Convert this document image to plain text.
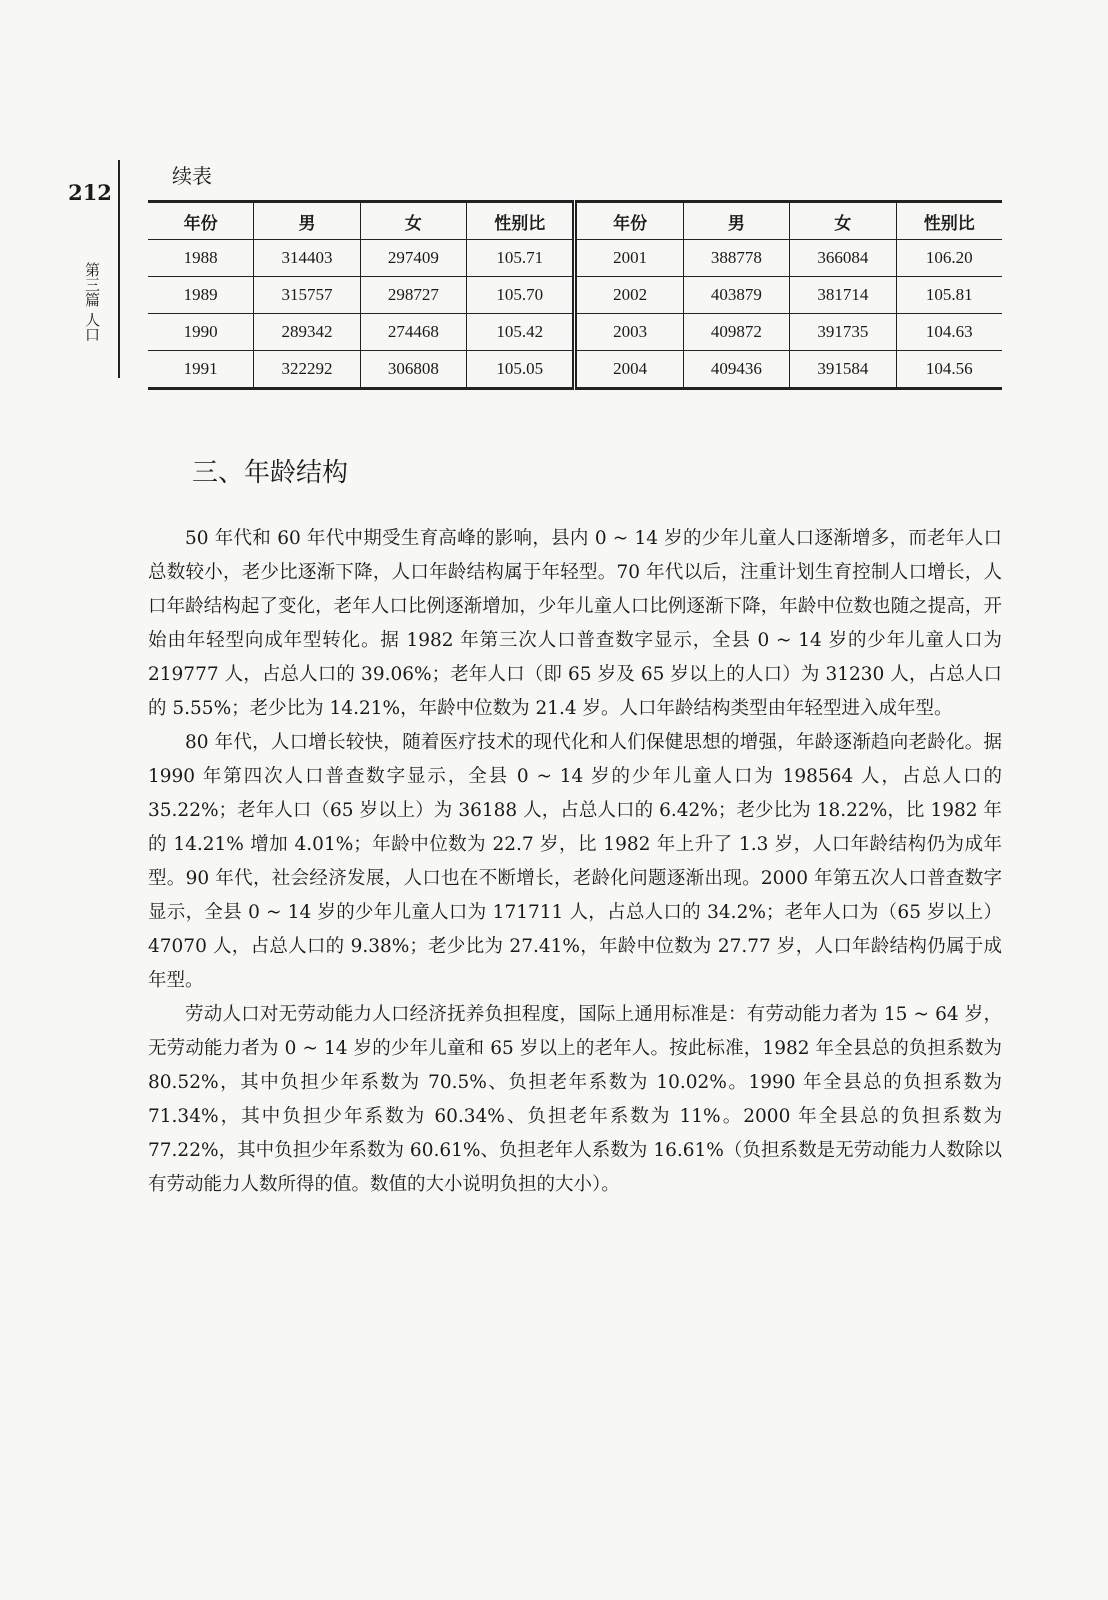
212
第三篇 人口
续表
年份	男	女	性别比	年份	男	女	性别比
1988	314403	297409	105.71	2001	388778	366084	106.20
1989	315757	298727	105.70	2002	403879	381714	105.81
1990	289342	274468	105.42	2003	409872	391735	104.63
1991	322292	306808	105.05	2004	409436	391584	104.56
三、年龄结构

50 年代和 60 年代中期受生育高峰的影响，县内 0 ~ 14 岁的少年儿童人口逐渐增多，而老年人口总数较小，老少比逐渐下降，人口年龄结构属于年轻型。70 年代以后，注重计划生育控制人口增长，人口年龄结构起了变化，老年人口比例逐渐增加，少年儿童人口比例逐渐下降，年龄中位数也随之提高，开始由年轻型向成年型转化。据 1982 年第三次人口普查数字显示，全县 0 ~ 14 岁的少年儿童人口为 219777 人，占总人口的 39.06%；老年人口（即 65 岁及 65 岁以上的人口）为 31230 人，占总人口的 5.55%；老少比为 14.21%，年龄中位数为 21.4 岁。人口年龄结构类型由年轻型进入成年型。

80 年代，人口增长较快，随着医疗技术的现代化和人们保健思想的增强，年龄逐渐趋向老龄化。据 1990 年第四次人口普查数字显示，全县 0 ~ 14 岁的少年儿童人口为 198564 人，占总人口的 35.22%；老年人口（65 岁以上）为 36188 人，占总人口的 6.42%；老少比为 18.22%，比 1982 年的 14.21% 增加 4.01%；年龄中位数为 22.7 岁，比 1982 年上升了 1.3 岁，人口年龄结构仍为成年型。90 年代，社会经济发展，人口也在不断增长，老龄化问题逐渐出现。2000 年第五次人口普查数字显示，全县 0 ~ 14 岁的少年儿童人口为 171711 人，占总人口的 34.2%；老年人口为（65 岁以上）47070 人，占总人口的 9.38%；老少比为 27.41%，年龄中位数为 27.77 岁，人口年龄结构仍属于成年型。

劳动人口对无劳动能力人口经济抚养负担程度，国际上通用标准是：有劳动能力者为 15 ~ 64 岁，无劳动能力者为 0 ~ 14 岁的少年儿童和 65 岁以上的老年人。按此标准，1982 年全县总的负担系数为 80.52%，其中负担少年系数为 70.5%、负担老年系数为 10.02%。1990 年全县总的负担系数为 71.34%，其中负担少年系数为 60.34%、负担老年系数为 11%。2000 年全县总的负担系数为 77.22%，其中负担少年系数为 60.61%、负担老年人系数为 16.61%（负担系数是无劳动能力人数除以有劳动能力人数所得的值。数值的大小说明负担的大小）。
